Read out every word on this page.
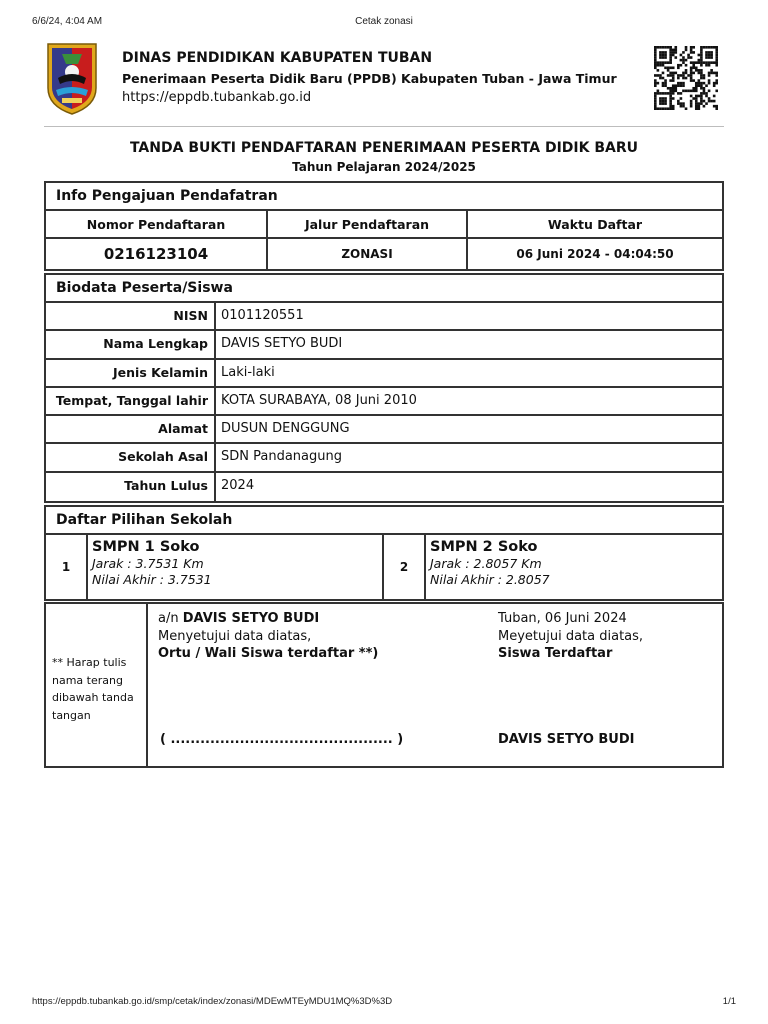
6/6/24, 4:04 AM	Cetak zonasi
DINAS PENDIDIKAN KABUPATEN TUBAN
Penerimaan Peserta Didik Baru (PPDB) Kabupaten Tuban - Jawa Timur
https://eppdb.tubankab.go.id
TANDA BUKTI PENDAFTARAN PENERIMAAN PESERTA DIDIK BARU
Tahun Pelajaran 2024/2025
Info Pengajuan Pendafatran
Nomor Pendaftaran	Jalur Pendaftaran	Waktu Daftar
0216123104	ZONASI	06 Juni 2024 - 04:04:50
Biodata Peserta/Siswa
NISN	0101120551
Nama Lengkap	DAVIS SETYO BUDI
Jenis Kelamin	Laki-laki
Tempat, Tanggal lahir	KOTA SURABAYA, 08 Juni 2010
Alamat	DUSUN DENGGUNG
Sekolah Asal	SDN Pandanagung
Tahun Lulus	2024
Daftar Pilihan Sekolah
1
SMPN 1 Soko
Jarak : 3.7531 Km
Nilai Akhir : 3.7531
2
SMPN 2 Soko
Jarak : 2.8057 Km
Nilai Akhir : 2.8057
** Harap tulis nama terang dibawah tanda tangan
a/n DAVIS SETYO BUDI
Menyetujui data diatas,
Ortu / Wali Siswa terdaftar **)
( ............................................. )
Tuban, 06 Juni 2024
Meyetujui data diatas,
Siswa Terdaftar
DAVIS SETYO BUDI
https://eppdb.tubankab.go.id/smp/cetak/index/zonasi/MDEwMTEyMDU1MQ%3D%3D	1/1
